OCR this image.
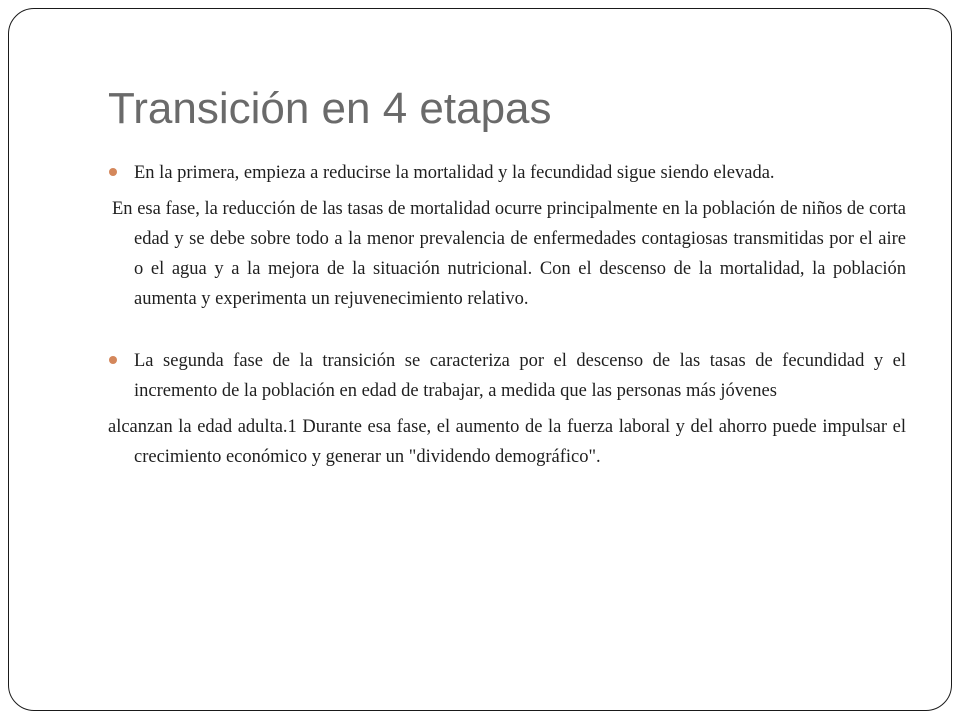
Transición en 4 etapas

En la primera, empieza a reducirse la mortalidad y la fecundidad sigue siendo elevada.

En esa fase, la reducción de las tasas de mortalidad ocurre principalmente en la población de niños de corta edad y se debe sobre todo a la menor prevalencia de enfermedades contagiosas transmitidas por el aire o el agua y a la mejora de la situación nutricional. Con el descenso de la mortalidad, la población aumenta y experimenta un rejuvenecimiento relativo.

La segunda fase de la transición se caracteriza por el descenso de las tasas de fecundidad y el incremento de la población en edad de trabajar, a medida que las personas más jóvenes

alcanzan la edad adulta.1 Durante esa fase, el aumento de la fuerza laboral y del ahorro puede impulsar el crecimiento económico y generar un "dividendo demográfico".
